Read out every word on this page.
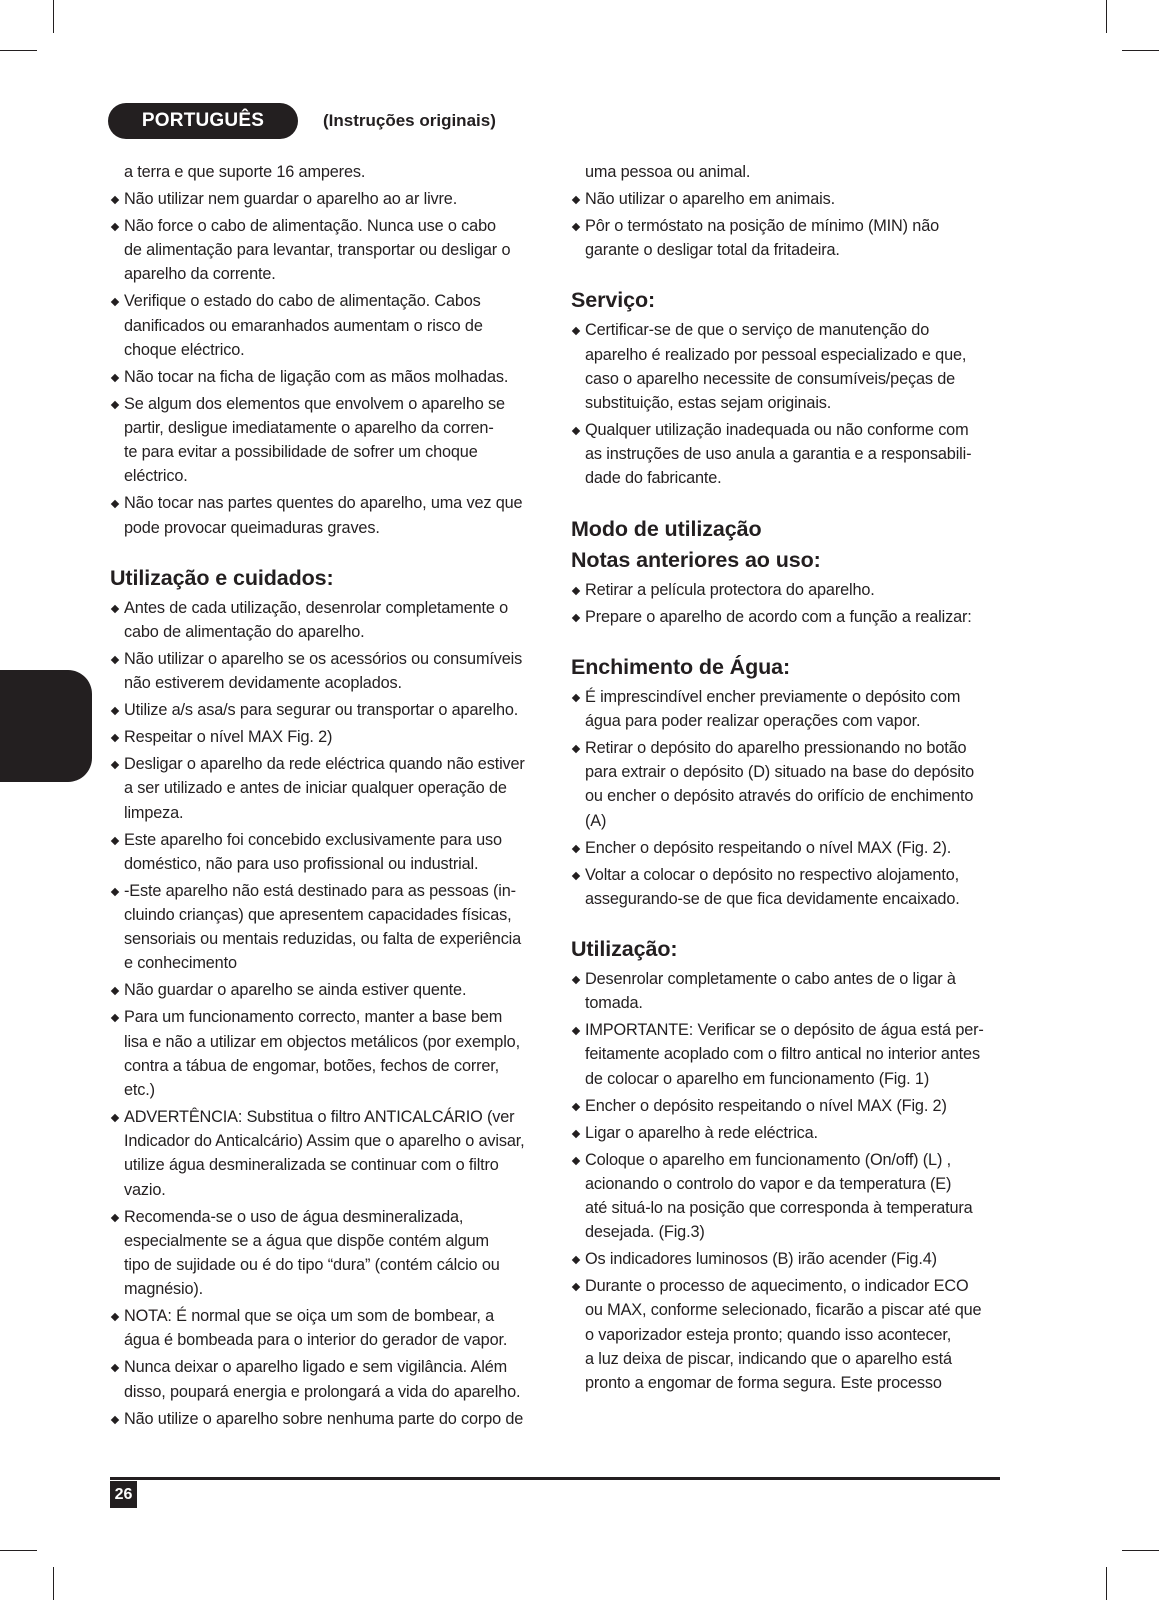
PORTUGUÊS	(Instruções originais)
a terra e que suporte 16 amperes.
Não utilizar nem guardar o aparelho ao ar livre.
Não force o cabo de alimentação. Nunca use o cabo
de alimentação para levantar, transportar ou desligar o
aparelho da corrente.
Verifique o estado do cabo de alimentação. Cabos
danificados ou emaranhados aumentam o risco de
choque eléctrico.
Não tocar na ficha de ligação com as mãos molhadas.
Se algum dos elementos que envolvem o aparelho se
partir, desligue imediatamente o aparelho da corren-
te para evitar a possibilidade de sofrer um choque
eléctrico.
Não tocar nas partes quentes do aparelho, uma vez que
pode provocar queimaduras graves.
Utilização e cuidados:
Antes de cada utilização, desenrolar completamente o
cabo de alimentação do aparelho.
Não utilizar o aparelho se os acessórios ou consumíveis
não estiverem devidamente acoplados.
Utilize a/s asa/s para segurar ou transportar o aparelho.
Respeitar o nível MAX Fig. 2)
Desligar o aparelho da rede eléctrica quando não estiver
a ser utilizado e antes de iniciar qualquer operação de
limpeza.
Este aparelho foi concebido exclusivamente para uso
doméstico, não para uso profissional ou industrial.
-Este aparelho não está destinado para as pessoas (in-
cluindo crianças) que apresentem capacidades físicas,
sensoriais ou mentais reduzidas, ou falta de experiência
e conhecimento
Não guardar o aparelho se ainda estiver quente.
Para um funcionamento correcto, manter a base bem
lisa e não a utilizar em objectos metálicos (por exemplo,
contra a tábua de engomar, botões, fechos de correr,
etc.)
ADVERTÊNCIA: Substitua o filtro ANTICALCÁRIO (ver
Indicador do Anticalcário) Assim que o aparelho o avisar,
utilize água desmineralizada se continuar com o filtro
vazio.
Recomenda-se o uso de água desmineralizada,
especialmente se a água que dispõe contém algum
tipo de sujidade ou é do tipo “dura” (contém cálcio ou
magnésio).
NOTA: É normal que se oiça um som de bombear, a
água é bombeada para o interior do gerador de vapor.
Nunca deixar o aparelho ligado e sem vigilância. Além
disso, poupará energia e prolongará a vida do aparelho.
Não utilize o aparelho sobre nenhuma parte do corpo de
uma pessoa ou animal.
Não utilizar o aparelho em animais.
Pôr o termóstato na posição de mínimo (MIN) não
garante o desligar total da fritadeira.
Serviço:
Certificar-se de que o serviço de manutenção do
aparelho é realizado por pessoal especializado e que,
caso o aparelho necessite de consumíveis/peças de
substituição, estas sejam originais.
Qualquer utilização inadequada ou não conforme com
as instruções de uso anula a garantia e a responsabili-
dade do fabricante.
Modo de utilização
Notas anteriores ao uso:
Retirar a película protectora do aparelho.
Prepare o aparelho de acordo com a função a realizar:
Enchimento de Água:
É imprescindível encher previamente o depósito com
água para poder realizar operações com vapor.
Retirar o depósito do aparelho pressionando no botão
para extrair o depósito (D) situado na base do depósito
ou encher o depósito através do orifício de enchimento
(A)
Encher o depósito respeitando o nível MAX (Fig. 2).
Voltar a colocar o depósito no respectivo alojamento,
assegurando-se de que fica devidamente encaixado.
Utilização:
Desenrolar completamente o cabo antes de o ligar à
tomada.
IMPORTANTE: Verificar se o depósito de água está per-
feitamente acoplado com o filtro antical no interior antes
de colocar o aparelho em funcionamento (Fig. 1)
Encher o depósito respeitando o nível MAX (Fig. 2)
Ligar o aparelho à rede eléctrica.
Coloque o aparelho em funcionamento (On/off) (L) ,
acionando o controlo do vapor e da temperatura (E)
até situá-lo na posição que corresponda à temperatura
desejada. (Fig.3)
Os indicadores luminosos (B) irão acender (Fig.4)
Durante o processo de aquecimento, o indicador ECO
ou MAX, conforme selecionado, ficarão a piscar até que
o vaporizador esteja pronto; quando isso acontecer,
a luz deixa de piscar, indicando que o aparelho está
pronto a engomar de forma segura. Este processo
26
